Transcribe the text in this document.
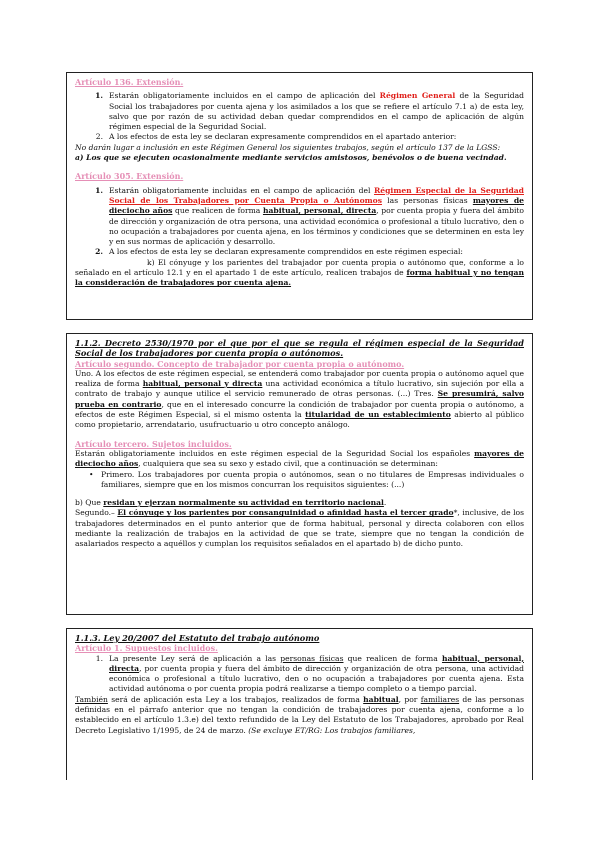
Artículo 136. Extensión.

1. Estarán obligatoriamente incluidos en el campo de aplicación del Régimen General de la Seguridad Social los trabajadores por cuenta ajena y los asimilados a los que se refiere el artículo 7.1 a) de esta ley, salvo que por razón de su actividad deban quedar comprendidos en el campo de aplicación de algún régimen especial de la Seguridad Social.
2. A los efectos de esta ley se declaran expresamente comprendidos en el apartado anterior:

No darán lugar a inclusión en este Régimen General los siguientes trabajos, según el artículo 137 de la LGSS:

a) Los que se ejecuten ocasionalmente mediante servicios amistosos, benévolos o de buena vecindad.

Artículo 305. Extensión.

1. Estarán obligatoriamente incluidas en el campo de aplicación del Régimen Especial de la Seguridad Social de los Trabajadores por Cuenta Propia o Autónomos las personas físicas mayores de dieciocho años que realicen de forma habitual, personal, directa, por cuenta propia y fuera del ámbito de dirección y organización de otra persona, una actividad económica o profesional a título lucrativo, den o no ocupación a trabajadores por cuenta ajena, en los términos y condiciones que se determinen en esta ley y en sus normas de aplicación y desarrollo.
2. A los efectos de esta ley se declaran expresamente comprendidos en este régimen especial:

k) El cónyuge y los parientes del trabajador por cuenta propia o autónomo que, conforme a lo señalado en el artículo 12.1 y en el apartado 1 de este artículo, realicen trabajos de forma habitual y no tengan la consideración de trabajadores por cuenta ajena.

1.1.2. Decreto 2530/1970 por el que por el que se regula el régimen especial de la Seguridad Social de los trabajadores por cuenta propia o autónomos.

Artículo segundo. Concepto de trabajador por cuenta propia o autónomo.

Uno. A los efectos de este régimen especial, se entenderá como trabajador por cuenta propia o autónomo aquel que realiza de forma habitual, personal y directa una actividad económica a título lucrativo, sin sujeción por ella a contrato de trabajo y aunque utilice el servicio remunerado de otras personas. (...) Tres. Se presumirá, salvo prueba en contrario, que en el interesado concurre la condición de trabajador por cuenta propia o autónomo, a efectos de este Régimen Especial, si el mismo ostenta la titularidad de un establecimiento abierto al público como propietario, arrendatario, usufructuario u otro concepto análogo.

Artículo tercero. Sujetos incluidos.

Estarán obligatoriamente incluidos en este régimen especial de la Seguridad Social los españoles mayores de dieciocho años, cualquiera que sea su sexo y estado civil, que a continuación se determinan:

• Primero. Los trabajadores por cuenta propia o autónomos, sean o no titulares de Empresas individuales o familiares, siempre que en los mismos concurran los requisitos siguientes: (...)

b) Que residan y ejerzan normalmente su actividad en territorio nacional.

Segundo.– El cónyuge y los parientes por consanguinidad o afinidad hasta el tercer grado*, inclusive, de los trabajadores determinados en el punto anterior que de forma habitual, personal y directa colaboren con ellos mediante la realización de trabajos en la actividad de que se trate, siempre que no tengan la condición de asalariados respecto a aquéllos y cumplan los requisitos señalados en el apartado b) de dicho punto.

1.1.3. Ley 20/2007 del Estatuto del trabajo autónomo

Artículo 1. Supuestos incluidos.

1. La presente Ley será de aplicación a las personas físicas que realicen de forma habitual, personal, directa, por cuenta propia y fuera del ámbito de dirección y organización de otra persona, una actividad económica o profesional a título lucrativo, den o no ocupación a trabajadores por cuenta ajena. Esta actividad autónoma o por cuenta propia podrá realizarse a tiempo completo o a tiempo parcial.

También será de aplicación esta Ley a los trabajos, realizados de forma habitual, por familiares de las personas definidas en el párrafo anterior que no tengan la condición de trabajadores por cuenta ajena, conforme a lo establecido en el artículo 1.3.e) del texto refundido de la Ley del Estatuto de los Trabajadores, aprobado por Real Decreto Legislativo 1/1995, de 24 de marzo. (Se excluye ET/RG: Los trabajos familiares,
